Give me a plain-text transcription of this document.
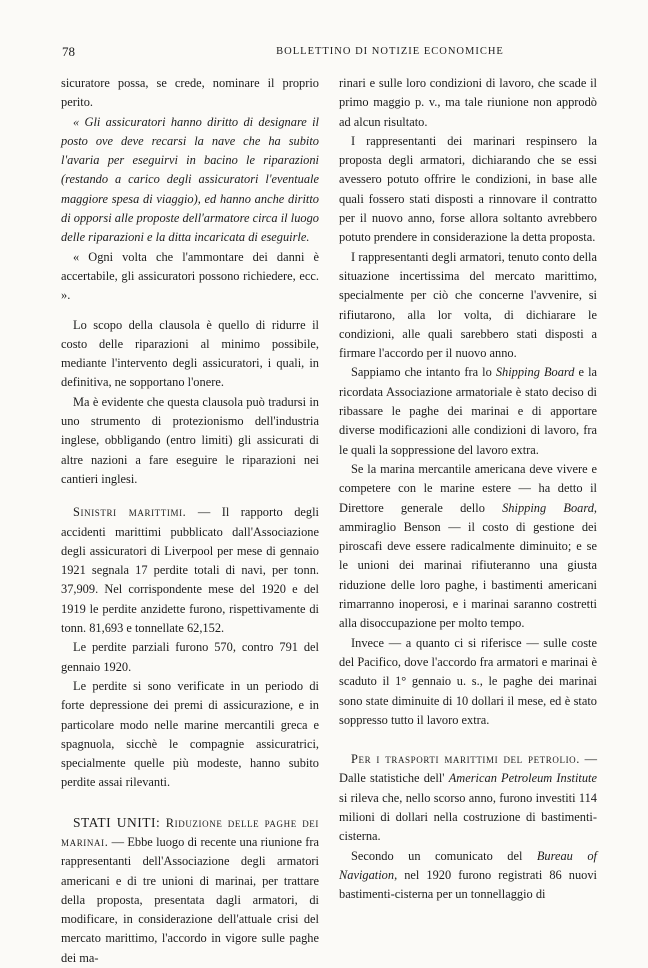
78	BOLLETTINO DI NOTIZIE ECONOMICHE

sicuratore possa, se crede, nominare il proprio perito.

« Gli assicuratori hanno diritto di designare il posto ove deve recarsi la nave che ha subito l'avaria per eseguirvi in bacino le riparazioni (restando a carico degli assicuratori l'eventuale maggiore spesa di viaggio), ed hanno anche diritto di opporsi alle proposte dell'armatore circa il luogo delle riparazioni e la ditta incaricata di eseguirle.

« Ogni volta che l'ammontare dei danni è accertabile, gli assicuratori possono richiedere, ecc. ».

Lo scopo della clausola è quello di ridurre il costo delle riparazioni al minimo possibile, mediante l'intervento degli assicuratori, i quali, in definitiva, ne sopportano l'onere.

Ma è evidente che questa clausola può tradursi in uno strumento di protezionismo dell'industria inglese, obbligando (entro limiti) gli assicurati di altre nazioni a fare eseguire le riparazioni nei cantieri inglesi.

Sinistri marittimi. — Il rapporto degli accidenti marittimi pubblicato dall'Associazione degli assicuratori di Liverpool per mese di gennaio 1921 segnala 17 perdite totali di navi, per tonn. 37,909. Nel corrispondente mese del 1920 e del 1919 le perdite anzidette furono, rispettivamente di tonn. 81,693 e tonnellate 62,152.

Le perdite parziali furono 570, contro 791 del gennaio 1920.

Le perdite si sono verificate in un periodo di forte depressione dei premi di assicurazione, e in particolare modo nelle marine mercantili greca e spagnuola, sicchè le compagnie assicuratrici, specialmente quelle più modeste, hanno subito perdite assai rilevanti.

STATI UNITI: Riduzione delle paghe dei marinai. — Ebbe luogo di recente una riunione fra rappresentanti dell'Associazione degli armatori americani e di tre unioni di marinai, per trattare della proposta, presentata dagli armatori, di modificare, in considerazione dell'attuale crisi del mercato marittimo, l'accordo in vigore sulle paghe dei ma-

rinari e sulle loro condizioni di lavoro, che scade il primo maggio p. v., ma tale riunione non approdò ad alcun risultato.

I rappresentanti dei marinari respinsero la proposta degli armatori, dichiarando che se essi avessero potuto offrire le condizioni, in base alle quali fossero stati disposti a rinnovare il contratto per il nuovo anno, forse allora soltanto avrebbero potuto prendere in considerazione la detta proposta.

I rappresentanti degli armatori, tenuto conto della situazione incertissima del mercato marittimo, specialmente per ciò che concerne l'avvenire, si rifiutarono, alla lor volta, di dichiarare le condizioni, alle quali sarebbero stati disposti a firmare l'accordo per il nuovo anno.

Sappiamo che intanto fra lo Shipping Board e la ricordata Associazione armatoriale è stato deciso di ribassare le paghe dei marinai e di apportare diverse modificazioni alle condizioni di lavoro, fra le quali la soppressione del lavoro extra.

Se la marina mercantile americana deve vivere e competere con le marine estere — ha detto il Direttore generale dello Shipping Board, ammiraglio Benson — il costo di gestione dei piroscafi deve essere radicalmente diminuito; e se le unioni dei marinai rifiuteranno una giusta riduzione delle loro paghe, i bastimenti americani rimarranno inoperosi, e i marinai saranno costretti alla disoccupazione per molto tempo.

Invece — a quanto ci si riferisce — sulle coste del Pacifico, dove l'accordo fra armatori e marinai è scaduto il 1° gennaio u. s., le paghe dei marinai sono state diminuite di 10 dollari il mese, ed è stato soppresso tutto il lavoro extra.

Per i trasporti marittimi del petrolio. — Dalle statistiche dell' American Petroleum Institute si rileva che, nello scorso anno, furono investiti 114 milioni di dollari nella costruzione di bastimenti-cisterna.

Secondo un comunicato del Bureau of Navigation, nel 1920 furono registrati 86 nuovi bastimenti-cisterna per un tonnellaggio di
